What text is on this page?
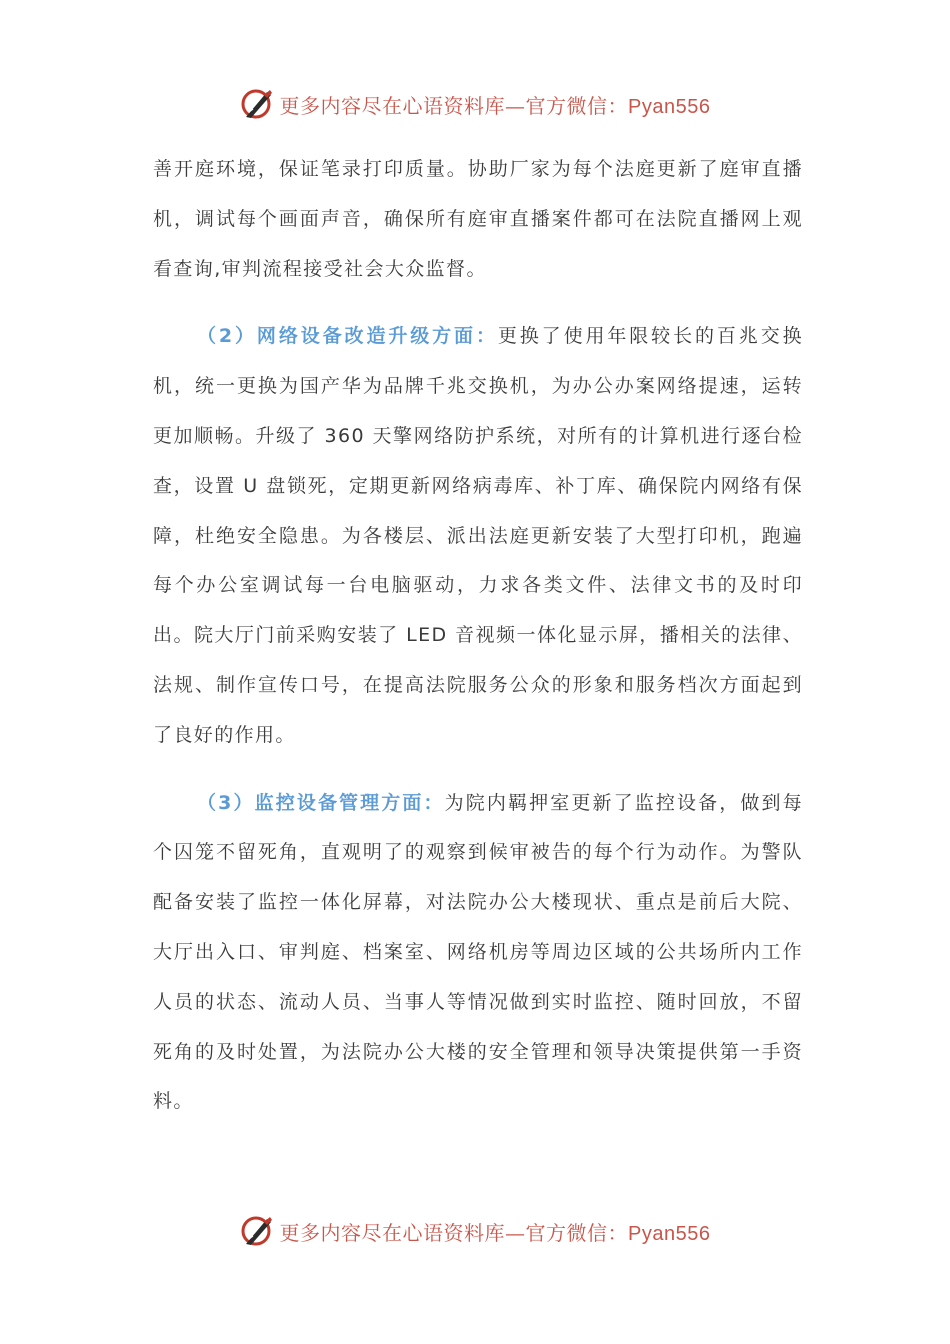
更多内容尽在心语资料库—官方微信：Pyan556

善开庭环境，保证笔录打印质量。协助厂家为每个法庭更新了庭审直播机，调试每个画面声音，确保所有庭审直播案件都可在法院直播网上观看查询,审判流程接受社会大众监督。

（2）网络设备改造升级方面：更换了使用年限较长的百兆交换机，统一更换为国产华为品牌千兆交换机，为办公办案网络提速，运转更加顺畅。升级了 360 天擎网络防护系统，对所有的计算机进行逐台检查，设置 U 盘锁死，定期更新网络病毒库、补丁库、确保院内网络有保障，杜绝安全隐患。为各楼层、派出法庭更新安装了大型打印机，跑遍每个办公室调试每一台电脑驱动，力求各类文件、法律文书的及时印出。院大厅门前采购安装了 LED 音视频一体化显示屏，播相关的法律、法规、制作宣传口号，在提高法院服务公众的形象和服务档次方面起到了良好的作用。

（3）监控设备管理方面：为院内羁押室更新了监控设备，做到每个囚笼不留死角，直观明了的观察到候审被告的每个行为动作。为警队配备安装了监控一体化屏幕，对法院办公大楼现状、重点是前后大院、大厅出入口、审判庭、档案室、网络机房等周边区域的公共场所内工作人员的状态、流动人员、当事人等情况做到实时监控、随时回放，不留死角的及时处置，为法院办公大楼的安全管理和领导决策提供第一手资料。

更多内容尽在心语资料库—官方微信：Pyan556
